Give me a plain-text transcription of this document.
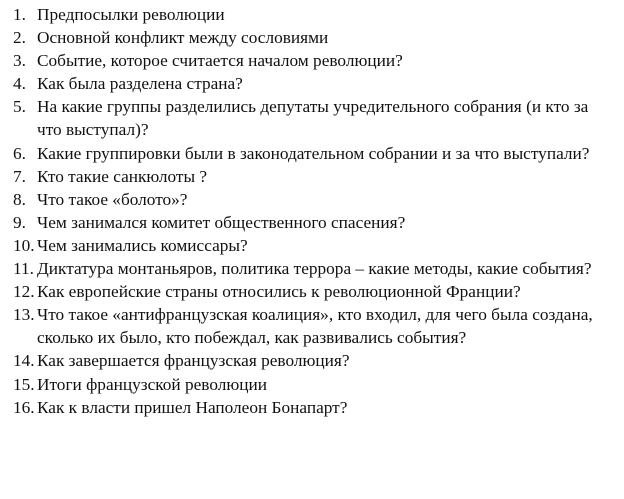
1. Предпосылки революции
2. Основной конфликт между сословиями
3. Событие, которое считается началом революции?
4. Как была разделена страна?
5. На какие группы разделились депутаты учредительного собрания (и кто за что выступал)?
6. Какие группировки были в законодательном собрании и за что выступали?
7. Кто такие санкюлоты ?
8. Что такое «болото»?
9. Чем занимался комитет общественного спасения?
10. Чем занимались комиссары?
11. Диктатура монтаньяров, политика террора – какие методы, какие события?
12. Как европейские страны относились к революционной Франции?
13. Что такое «антифранцузская коалиция», кто входил, для чего была создана, сколько их было, кто побеждал, как развивались события?
14. Как завершается французская революция?
15. Итоги французской революции
16. Как к власти пришел Наполеон Бонапарт?
